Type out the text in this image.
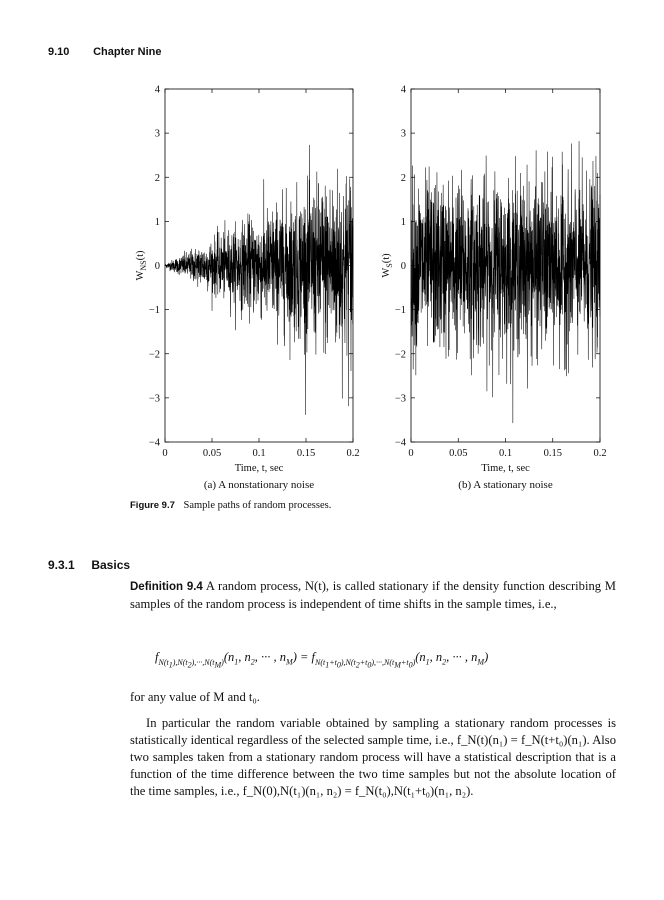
9.10 Chapter Nine
0	0.05	0.1	0.15	0.2
−4
−3
−2
−1
0
1
2
3
4
Time, t, sec
$W_{NS}(t)$
(a) A nonstationary noise
0	0.05	0.1	0.15	0.2
−4
−3
−2
−1
0
1
2
3
4
Time, t, sec
$W_S(t)$
(b) A stationary noise
Figure 9.7 Sample paths of random processes.
9.3.1 Basics
Definition 9.4 A random process, N(t), is called stationary if the density function describing M samples of the random process is independent of time shifts in the sample times, i.e.,
$f_{N(t_1),N(t_2),\cdot\cdot\cdot,N(t_M)}(n_1$, $n_2$, ··· , $n_M) = f_{N(t_1+t_0),N(t_2+t_0),\cdot\cdot\cdot,N(t_M+t_0)}(n_1$, $n_2$, ··· , $n_M$)
for any value of M and t₀.
In particular the random variable obtained by sampling a stationary random processes is statistically identical regardless of the selected sample time, i.e., f_N(t)(n₁) = f_N(t+t₀)(n₁). Also two samples taken from a stationary random process will have a statistical description that is a function of the time difference between the two time samples but not the absolute location of the time samples, i.e., f_N(0),N(t₁)(n₁, n₂) = f_N(t₀),N(t₁+t₀)(n₁, n₂).
